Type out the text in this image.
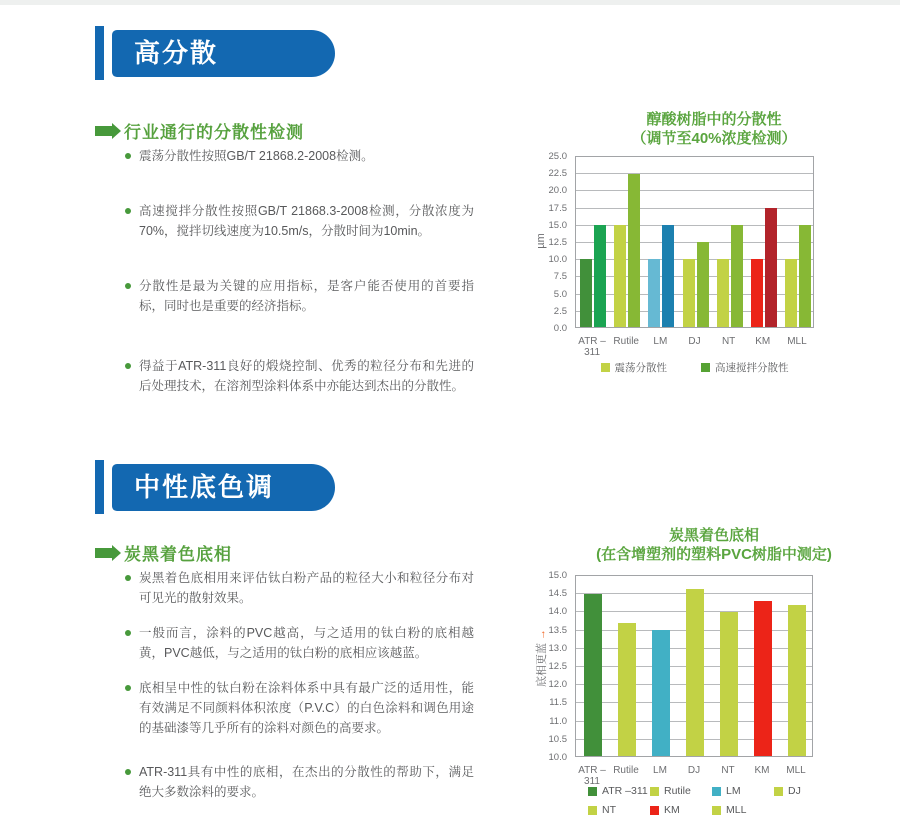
高分散
行业通行的分散性检测
震荡分散性按照GB/T 21868.2-2008检测。
高速搅拌分散性按照GB/T 21868.3-2008检测，分散浓度为70%，搅拌切线速度为10.5m/s，分散时间为10min。
分散性是最为关键的应用指标，是客户能否使用的首要指标，同时也是重要的经济指标。
得益于ATR-311良好的煅烧控制、优秀的粒径分布和先进的后处理技术，在溶剂型涂料体系中亦能达到杰出的分散性。
醇酸树脂中的分散性
（调节至40%浓度检测）
µm
25.0
22.5
20.0
17.5
15.0
12.5
10.0
7.5
5.0
2.5
0.0
ATR –311
Rutile	LM	DJ	NT	KM	MLL
震荡分散性	高速搅拌分散性
中性底色调
炭黑着色底相
炭黑着色底相用来评估钛白粉产品的粒径大小和粒径分布对可见光的散射效果。
一般而言，涂料的PVC越高，与之适用的钛白粉的底相越黄，PVC越低，与之适用的钛白粉的底相应该越蓝。
底相呈中性的钛白粉在涂料体系中具有最广泛的适用性，能有效满足不同颜料体积浓度（P.V.C）的白色涂料和调色用途的基础漆等几乎所有的涂料对颜色的高要求。
ATR-311具有中性的底相，在杰出的分散性的帮助下，满足绝大多数涂料的要求。
炭黑着色底相
(在含增塑剂的塑料PVC树脂中测定)
底相更蓝 →
15.0
14.5
14.0
13.5
13.0
12.5
12.0
11.5
11.0
10.5
10.0
ATR –311
Rutile	LM	DJ	NT	KM	MLL
ATR –311 Rutile	LM	DJ
NT	KM	MLL
